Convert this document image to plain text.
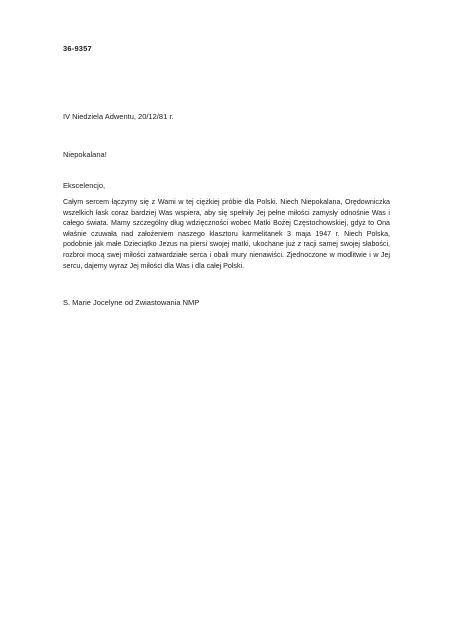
36-9357
IV Niedziela Adwentu, 20/12/81 r.
Niepokalana!
Ekscelencjo,
Całym sercem łączymy się z Wami w tej ciężkiej próbie dla Polski. Niech Niepokalana, Orędowniczka wszelkich łask coraz bardziej Was wspiera, aby się spełniły Jej pełne miłości zamysły odnośnie Was i całego świata. Mamy szczególny dług wdzięczności wobec Matki Bożej Częstochowskiej, gdyż to Ona właśnie czuwała nad założeniem naszego klasztoru karmelitanek 3 maja 1947 r. Niech Polska, podobnie jak małe Dzieciątko Jezus na piersi swojej matki, ukochane już z racji samej swojej słabości, rozbroi mocą swej miłości zatwardziałe serca i obali mury nienawiści. Zjednoczone w modlitwie i w Jej sercu, dajemy wyraz Jej miłości dla Was i dla całej Polski.
S. Marie Jocelyne od Zwiastowania NMP
